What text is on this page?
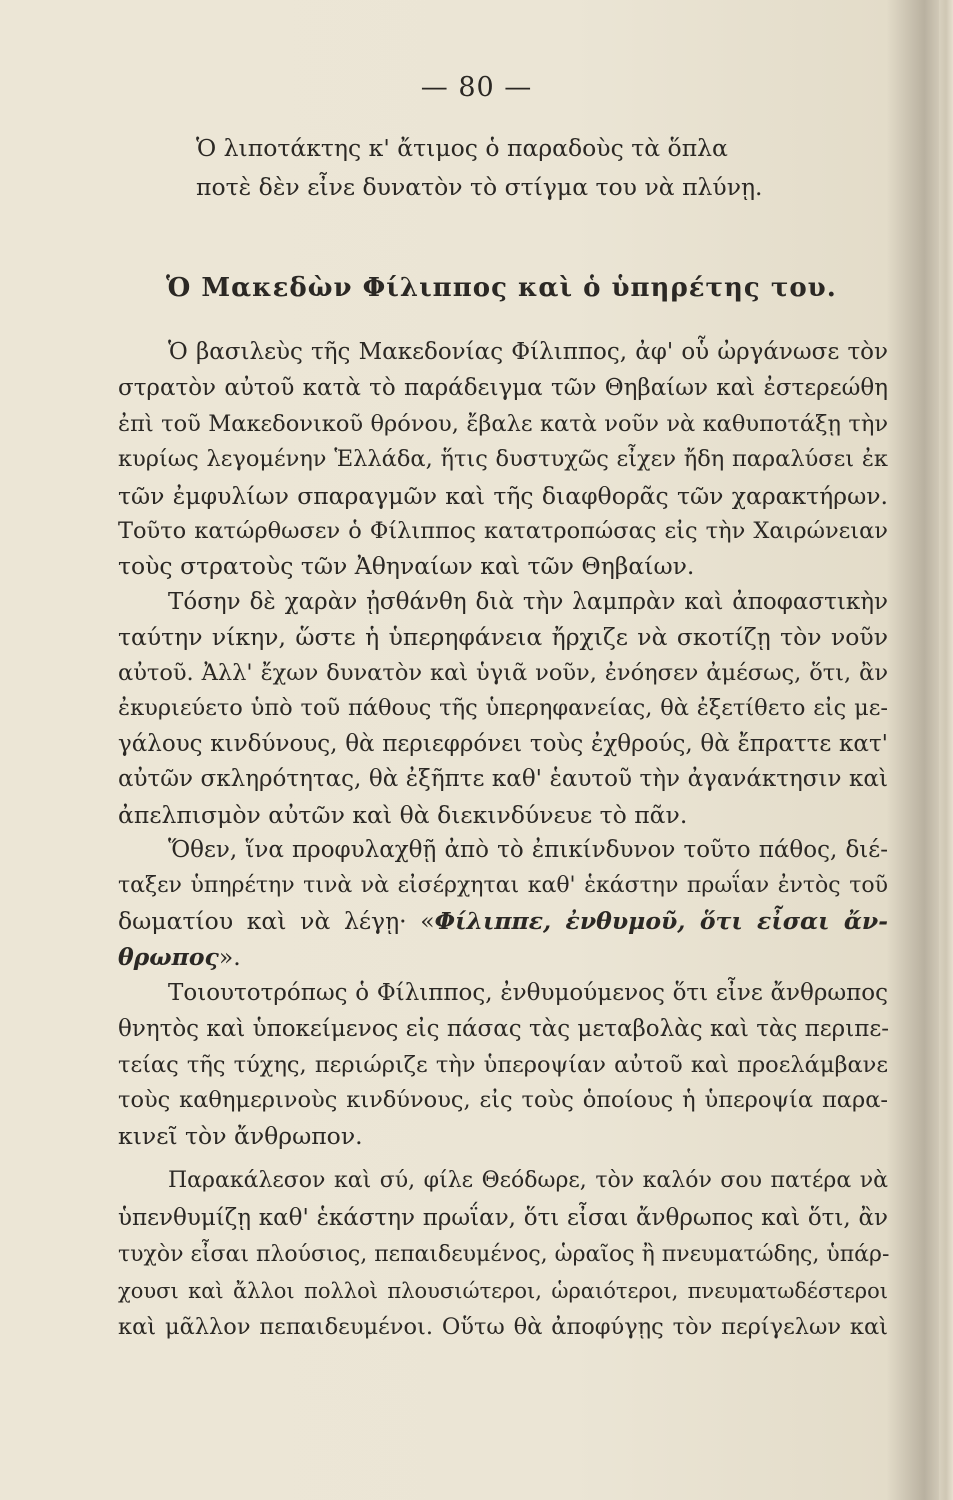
— 80 —
Ὁ λιποτάκτης κ' ἄτιμος ὁ παραδοὺς τὰ ὅπλα
ποτὲ δὲν εἶνε δυνατὸν τὸ στίγμα του νὰ πλύνῃ.
Ὁ Μακεδὼν Φίλιππος καὶ ὁ ὑπηρέτης του.
Ὁ βασιλεὺς τῆς Μακεδονίας Φίλιππος, ἀφ' οὗ ὠργάνωσε τὸν
στρατὸν αὐτοῦ κατὰ τὸ παράδειγμα τῶν Θηβαίων καὶ ἐστερεώθη
ἐπὶ τοῦ Μακεδονικοῦ θρόνου, ἔβαλε κατὰ νοῦν νὰ καθυποτάξῃ τὴν
κυρίως λεγομένην Ἑλλάδα, ἥτις δυστυχῶς εἶχεν ἤδη παραλύσει ἐκ
τῶν ἐμφυλίων σπαραγμῶν καὶ τῆς διαφθορᾶς τῶν χαρακτήρων.
Τοῦτο κατώρθωσεν ὁ Φίλιππος κατατροπώσας εἰς τὴν Χαιρώνειαν
τοὺς στρατοὺς τῶν Ἀθηναίων καὶ τῶν Θηβαίων.
Τόσην δὲ χαρὰν ᾐσθάνθη διὰ τὴν λαμπρὰν καὶ ἀποφαστικὴν
ταύτην νίκην, ὥστε ἡ ὑπερηφάνεια ἤρχιζε νὰ σκοτίζῃ τὸν νοῦν
αὐτοῦ. Ἀλλ' ἔχων δυνατὸν καὶ ὑγιᾶ νοῦν, ἐνόησεν ἀμέσως, ὅτι, ἂν
ἐκυριεύετο ὑπὸ τοῦ πάθους τῆς ὑπερηφανείας, θὰ ἐξετίθετο εἰς με-
γάλους κινδύνους, θὰ περιεφρόνει τοὺς ἐχθρούς, θὰ ἔπραττε κατ'
αὐτῶν σκληρότητας, θὰ ἐξῆπτε καθ' ἑαυτοῦ τὴν ἀγανάκτησιν καὶ
ἀπελπισμὸν αὐτῶν καὶ θὰ διεκινδύνευε τὸ πᾶν.
Ὅθεν, ἵνα προφυλαχθῇ ἀπὸ τὸ ἐπικίνδυνον τοῦτο πάθος, διέ-
ταξεν ὑπηρέτην τινὰ νὰ εἰσέρχηται καθ' ἑκάστην πρωΐαν ἐντὸς τοῦ
δωματίου καὶ νὰ λέγῃ· «Φίλιππε, ἐνθυμοῦ, ὅτι εἶσαι ἄν-
θρωπος».
Τοιουτοτρόπως ὁ Φίλιππος, ἐνθυμούμενος ὅτι εἶνε ἄνθρωπος
θνητὸς καὶ ὑποκείμενος εἰς πάσας τὰς μεταβολὰς καὶ τὰς περιπε-
τείας τῆς τύχης, περιώριζε τὴν ὑπεροψίαν αὐτοῦ καὶ προελάμβανε
τοὺς καθημερινοὺς κινδύνους, εἰς τοὺς ὁποίους ἡ ὑπεροψία παρα-
κινεῖ τὸν ἄνθρωπον.
Παρακάλεσον καὶ σύ, φίλε Θεόδωρε, τὸν καλόν σου πατέρα νὰ
ὑπενθυμίζῃ καθ' ἑκάστην πρωΐαν, ὅτι εἶσαι ἄνθρωπος καὶ ὅτι, ἂν
τυχὸν εἶσαι πλούσιος, πεπαιδευμένος, ὡραῖος ἢ πνευματώδης, ὑπάρ-
χουσι καὶ ἄλλοι πολλοὶ πλουσιώτεροι, ὡραιότεροι, πνευματωδέστεροι
καὶ μᾶλλον πεπαιδευμένοι. Οὕτω θὰ ἀποφύγῃς τὸν περίγελων καὶ
